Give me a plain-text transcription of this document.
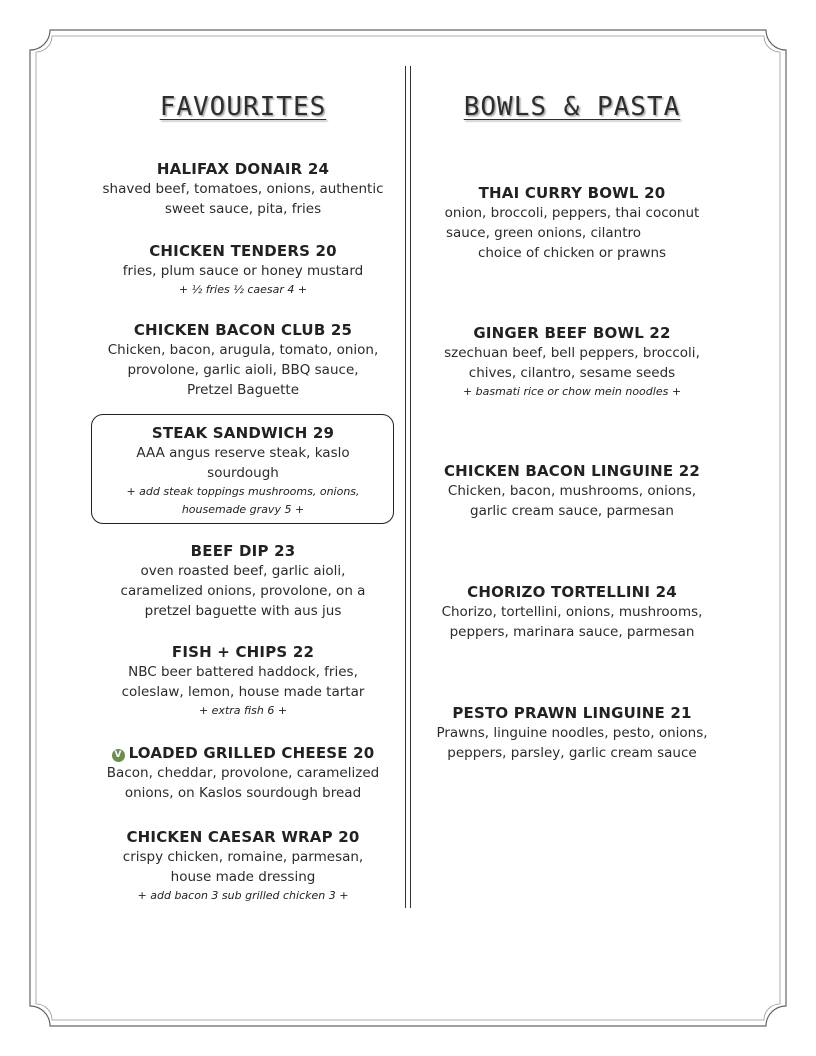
FAVOURITES
HALIFAX DONAIR 24
shaved beef, tomatoes, onions, authentic
sweet sauce, pita, fries
CHICKEN TENDERS 20
fries, plum sauce or honey mustard
+ ½ fries ½ caesar 4 +
CHICKEN BACON CLUB 25
Chicken, bacon, arugula, tomato, onion,
provolone, garlic aioli, BBQ sauce,
Pretzel Baguette
STEAK SANDWICH 29
AAA angus reserve steak, kaslo
sourdough
+ add steak toppings mushrooms, onions,
housemade gravy 5 +
BEEF DIP 23
oven roasted beef, garlic aioli,
caramelized onions, provolone, on a
pretzel baguette with aus jus
FISH + CHIPS 22
NBC beer battered haddock, fries,
coleslaw, lemon, house made tartar
+ extra fish 6 +
V LOADED GRILLED CHEESE 20
Bacon, cheddar, provolone, caramelized
onions, on Kaslos sourdough bread
CHICKEN CAESAR WRAP 20
crispy chicken, romaine, parmesan,
house made dressing
+ add bacon 3 sub grilled chicken 3 +
BOWLS & PASTA
THAI CURRY BOWL 20
onion, broccoli, peppers, thai coconut
sauce, green onions, cilantro
choice of chicken or prawns
GINGER BEEF BOWL 22
szechuan beef, bell peppers, broccoli,
chives, cilantro, sesame seeds
+ basmati rice or chow mein noodles +
CHICKEN BACON LINGUINE 22
Chicken, bacon, mushrooms, onions,
garlic cream sauce, parmesan
CHORIZO TORTELLINI 24
Chorizo, tortellini, onions, mushrooms,
peppers, marinara sauce, parmesan
PESTO PRAWN LINGUINE 21
Prawns, linguine noodles, pesto, onions,
peppers, parsley, garlic cream sauce
